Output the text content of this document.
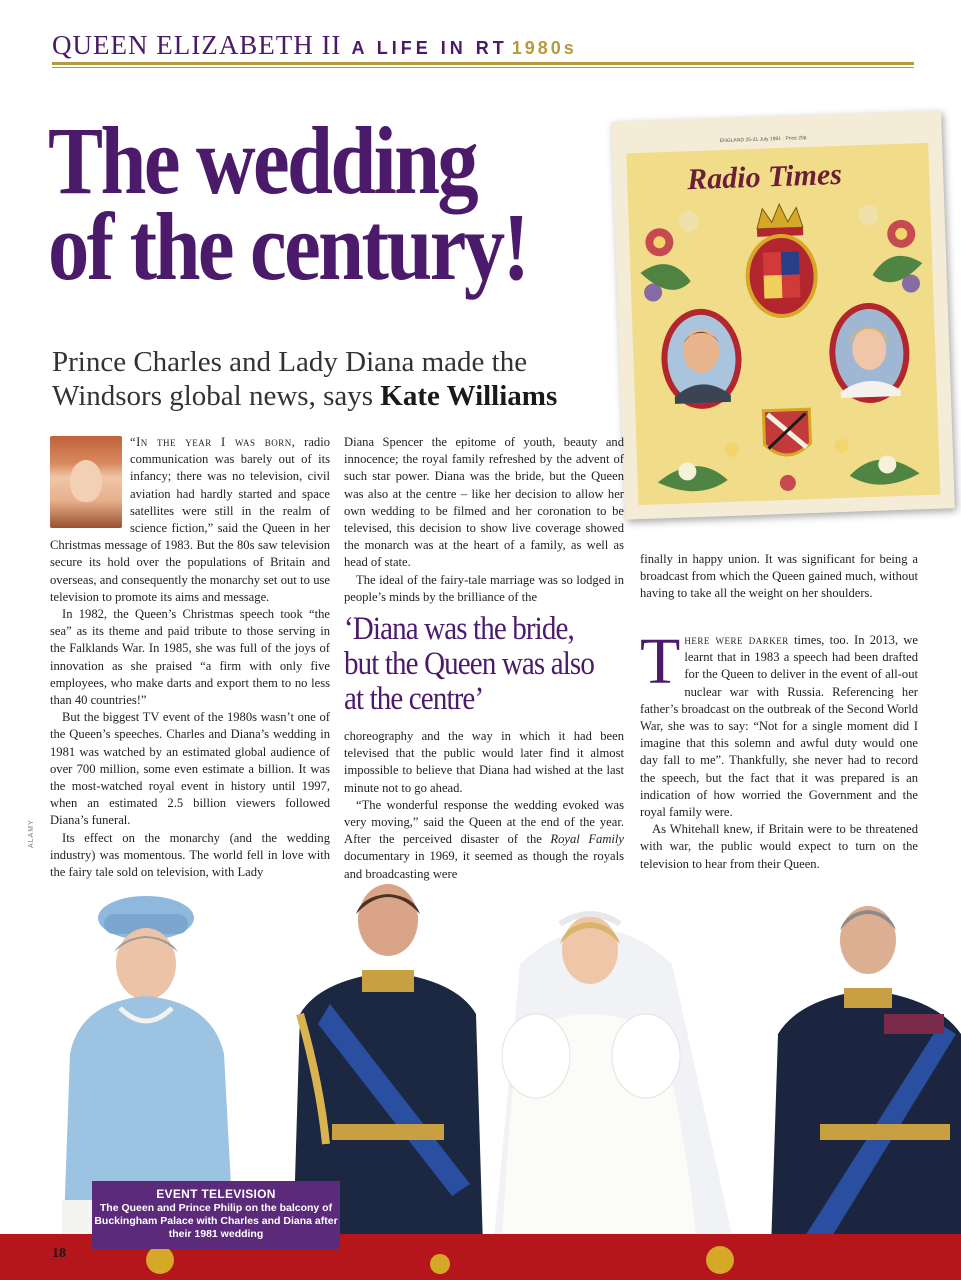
QUEEN ELIZABETH II A LIFE IN RT 1980s
The wedding
of the century!
Prince Charles and Lady Diana made the Windsors global news, says Kate Williams
ENGLAND 25-31 July 1981 · Price 20p
Radio Times

“In the year I was born, radio communication was barely out of its infancy; there was no television, civil aviation had hardly started and space satellites were still in the realm of science fiction,” said the Queen in her Christmas message of 1983. But the 80s saw television secure its hold over the populations of Britain and overseas, and consequently the monarchy set out to use television to promote its aims and message.

In 1982, the Queen’s Christmas speech took “the sea” as its theme and paid tribute to those serving in the Falklands War. In 1985, she was full of the joys of innovation as she praised “a firm with only five employees, who make darts and export them to no less than 40 countries!”

But the biggest TV event of the 1980s wasn’t one of the Queen’s speeches. Charles and Diana’s wedding in 1981 was watched by an estimated global audience of over 700 million, some even estimate a billion. It was the most-watched royal event in history until 1997, when an estimated 2.5 billion viewers followed Diana’s funeral.

Its effect on the monarchy (and the wedding industry) was momentous. The world fell in love with the fairy tale sold on television, with Lady

ALAMY

Diana Spencer the epitome of youth, beauty and innocence; the royal family refreshed by the advent of such star power. Diana was the bride, but the Queen was also at the centre – like her decision to allow her own wedding to be filmed and her coronation to be televised, this decision to show live coverage showed the monarch was at the heart of a family, as well as head of state.

The ideal of the fairy-tale marriage was so lodged in people’s minds by the brilliance of the

‘Diana was the bride, but the Queen was also at the centre’

choreography and the way in which it had been televised that the public would later find it almost impossible to believe that Diana had wished at the last minute not to go ahead.

“The wonderful response the wedding evoked was very moving,” said the Queen at the end of the year. After the perceived disaster of the Royal Family documentary in 1969, it seemed as though the royals and broadcasting were

finally in happy union. It was significant for being a broadcast from which the Queen gained much, without having to take all the weight on her shoulders.

There were darker times, too. In 2013, we learnt that in 1983 a speech had been drafted for the Queen to deliver in the event of all-out nuclear war with Russia. Referencing her father’s broadcast on the outbreak of the Second World War, she was to say: “Not for a single moment did I imagine that this solemn and awful duty would one day fall to me”. Thankfully, she never had to record the speech, but the fact that it was prepared is an indication of how worried the Government and the royal family were.

As Whitehall knew, if Britain were to be threatened with war, the public would expect to turn on the television to hear from their Queen.

EVENT TELEVISION
The Queen and Prince Philip on the balcony of Buckingham Palace with Charles and Diana after their 1981 wedding
18
